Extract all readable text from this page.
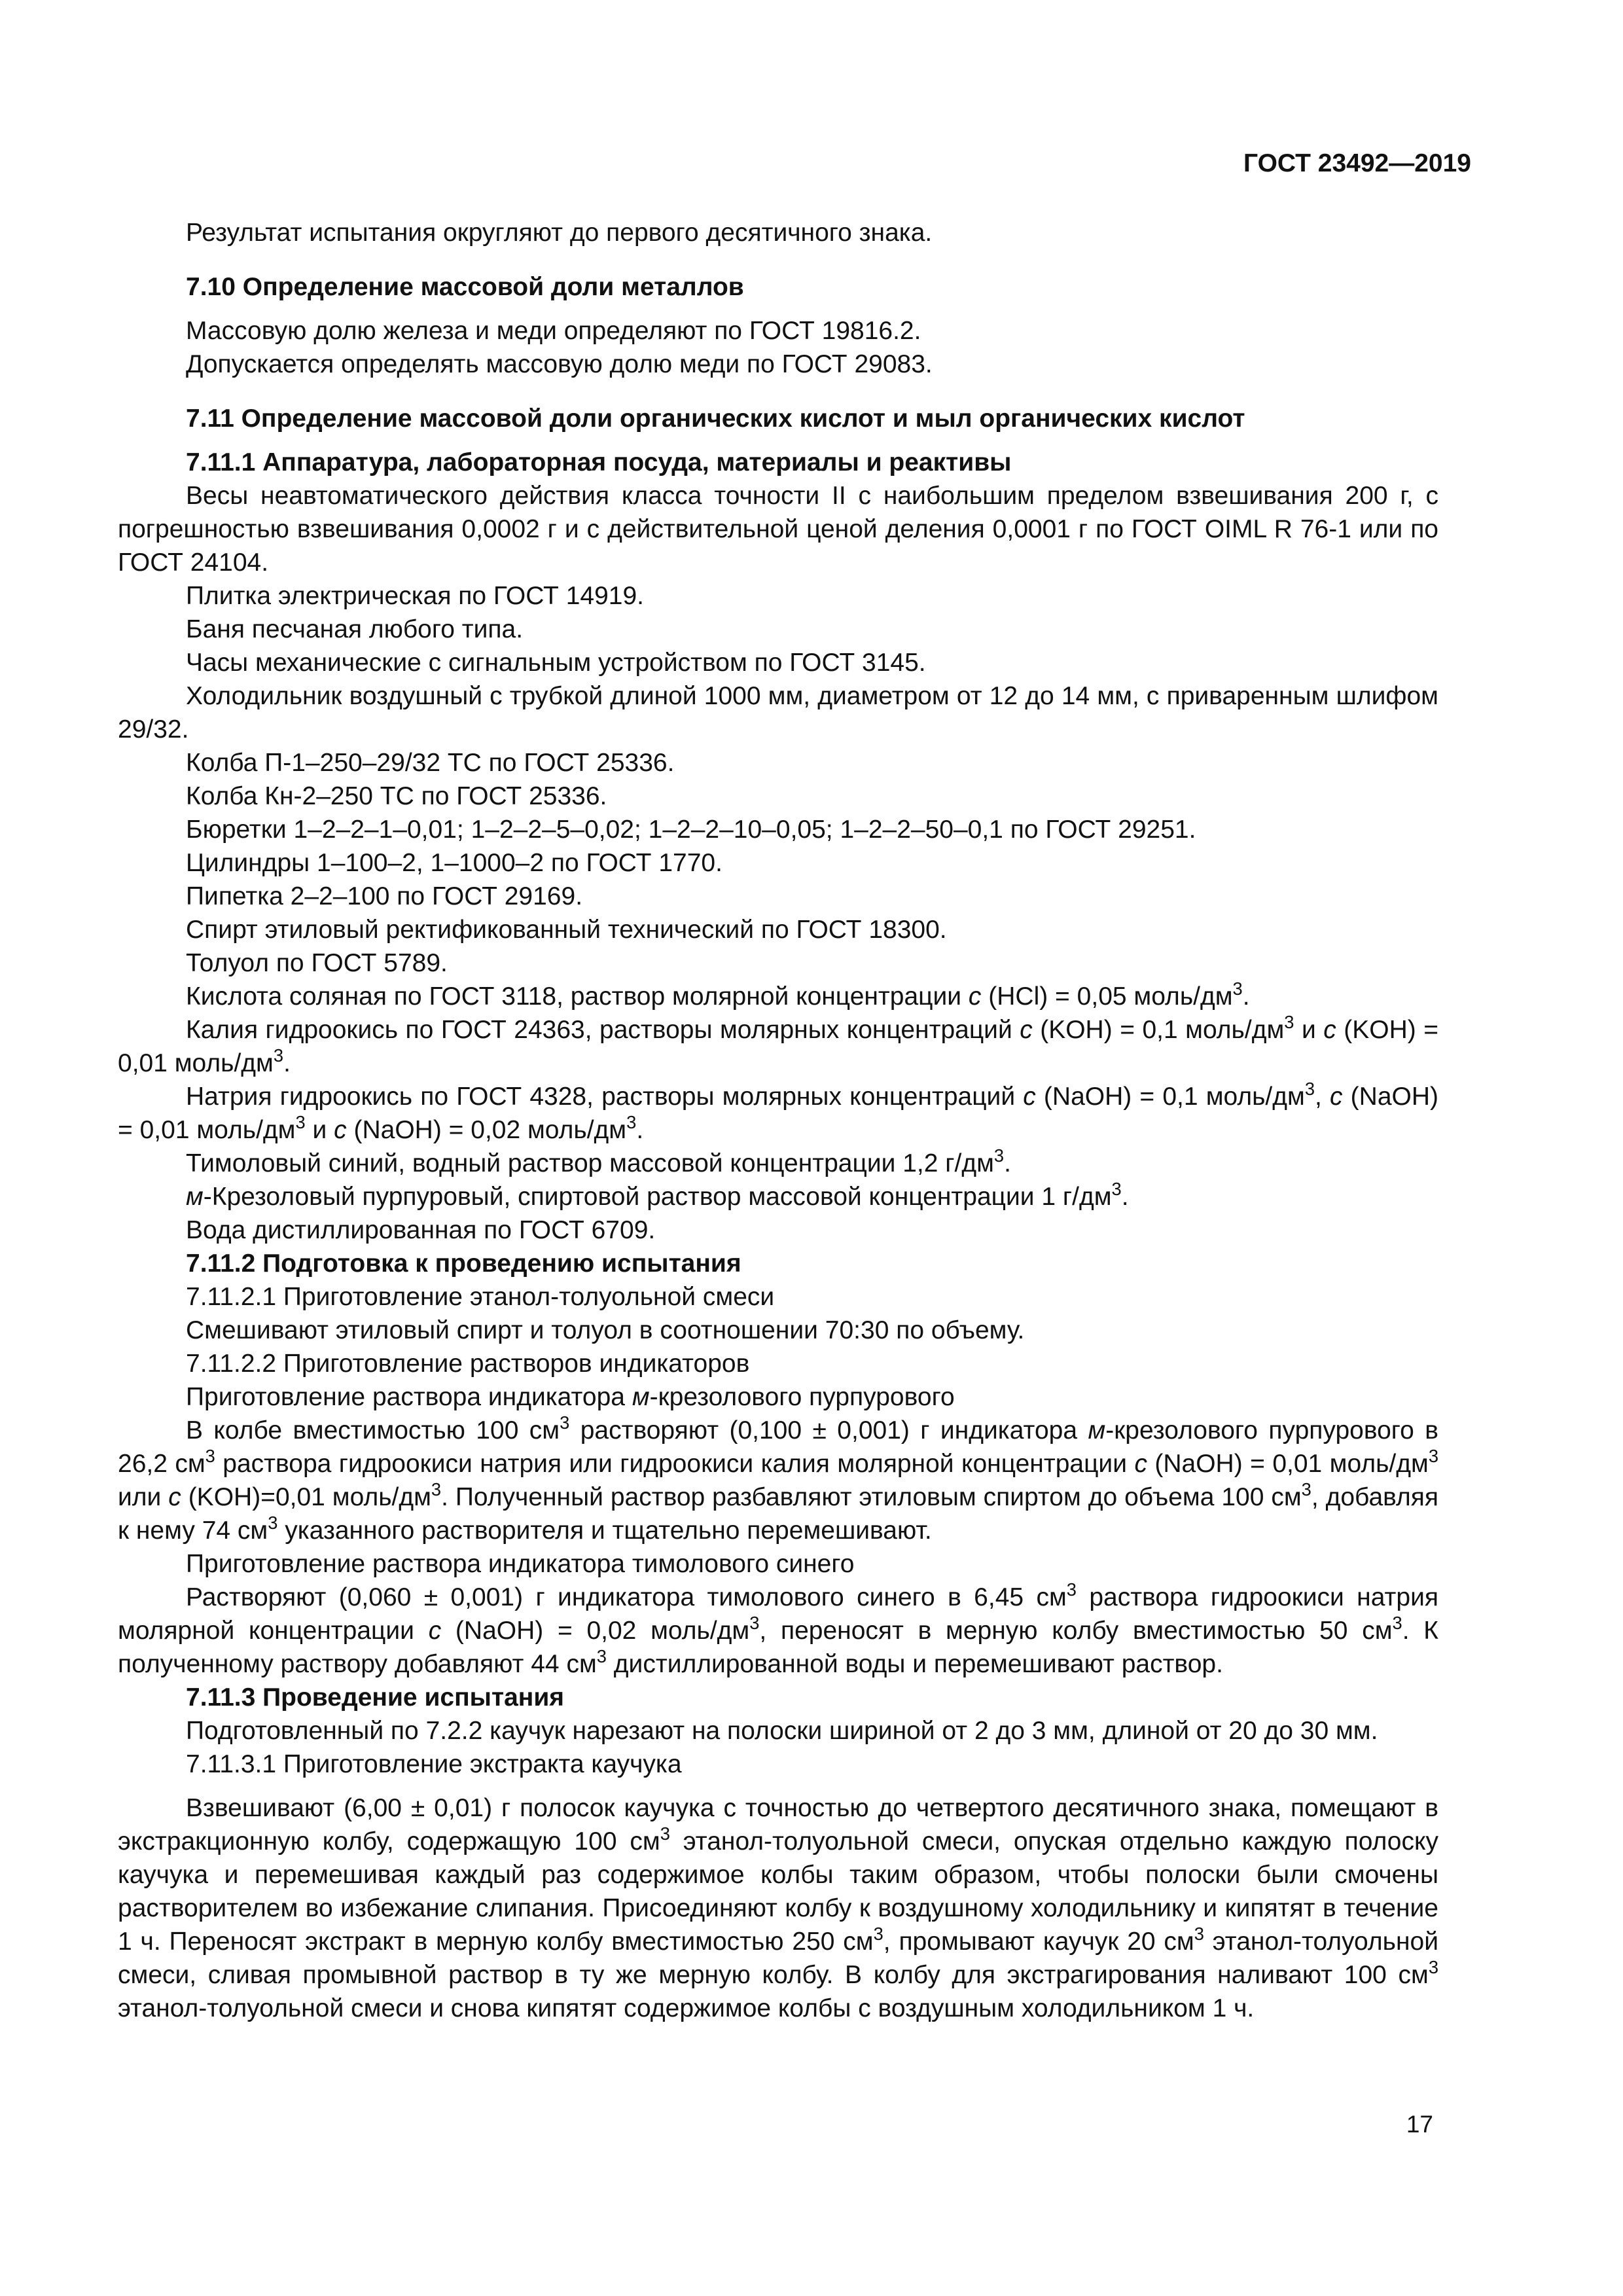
ГОСТ 23492—2019

Результат испытания округляют до первого десятичного знака.

7.10 Определение массовой доли металлов

Массовую долю железа и меди определяют по ГОСТ 19816.2.

Допускается определять массовую долю меди по ГОСТ 29083.

7.11 Определение массовой доли органических кислот и мыл органических кислот

7.11.1 Аппаратура, лабораторная посуда, материалы и реактивы

Весы неавтоматического действия класса точности II с наибольшим пределом взвешивания 200 г, с погрешностью взвешивания 0,0002 г и с действительной ценой деления 0,0001 г по ГОСТ OIML R 76-1 или по ГОСТ 24104.

Плитка электрическая по ГОСТ 14919.

Баня песчаная любого типа.

Часы механические с сигнальным устройством по ГОСТ 3145.

Холодильник воздушный с трубкой длиной 1000 мм, диаметром от 12 до 14 мм, с приваренным шлифом 29/32.

Колба П-1–250–29/32 ТС по ГОСТ 25336.

Колба Кн-2–250 ТС по ГОСТ 25336.

Бюретки 1–2–2–1–0,01; 1–2–2–5–0,02; 1–2–2–10–0,05; 1–2–2–50–0,1 по ГОСТ 29251.

Цилиндры 1–100–2, 1–1000–2 по ГОСТ 1770.

Пипетка 2–2–100 по ГОСТ 29169.

Спирт этиловый ректификованный технический по ГОСТ 18300.

Толуол по ГОСТ 5789.

Кислота соляная по ГОСТ 3118, раствор молярной концентрации с (HCl) = 0,05 моль/$дм^3$.

Калия гидроокись по ГОСТ 24363, растворы молярных концентраций с (KOH) = 0,1 моль/$дм^3$ и с (KOH) = 0,01 моль/$дм^3$.

Натрия гидроокись по ГОСТ 4328, растворы молярных концентраций с (NaOH) = 0,1 моль/$дм^3$, с (NaOH) = 0,01 моль/$дм^3$ и с (NaOH) = 0,02 моль/$дм^3$.

Тимоловый синий, водный раствор массовой концентрации 1,2 $г/дм^3$.

м-Крезоловый пурпуровый, спиртовой раствор массовой концентрации 1 $г/дм^3$.

Вода дистиллированная по ГОСТ 6709.

7.11.2 Подготовка к проведению испытания

7.11.2.1 Приготовление этанол-толуольной смеси

Смешивают этиловый спирт и толуол в соотношении 70:30 по объему.

7.11.2.2 Приготовление растворов индикаторов

Приготовление раствора индикатора м-крезолового пурпурового

В колбе вместимостью 100 $см^3$ растворяют (0,100 ± 0,001) г индикатора м-крезолового пурпурового в 26,2 $см^3$ раствора гидроокиси натрия или гидроокиси калия молярной концентрации с (NaOH) = 0,01 моль/$дм^3$ или с (KOH)=0,01 моль/$дм^3$. Полученный раствор разбавляют этиловым спиртом до объема 100 $см^3$, добавляя к нему 74 $см^3$ указанного растворителя и тщательно перемешивают.

Приготовление раствора индикатора тимолового синего

Растворяют (0,060 ± 0,001) г индикатора тимолового синего в 6,45 $см^3$ раствора гидроокиси натрия молярной концентрации с (NaOH) = 0,02 моль/$дм^3$, переносят в мерную колбу вместимостью 50 $см^3$. К полученному раствору добавляют 44 $см^3$ дистиллированной воды и перемешивают раствор.

7.11.3 Проведение испытания

Подготовленный по 7.2.2 каучук нарезают на полоски шириной от 2 до 3 мм, длиной от 20 до 30 мм.

7.11.3.1 Приготовление экстракта каучука

Взвешивают (6,00 ± 0,01) г полосок каучука с точностью до четвертого десятичного знака, помещают в экстракционную колбу, содержащую 100 $см^3$ этанол-толуольной смеси, опуская отдельно каждую полоску каучука и перемешивая каждый раз содержимое колбы таким образом, чтобы полоски были смочены растворителем во избежание слипания. Присоединяют колбу к воздушному холодильнику и кипятят в течение 1 ч. Переносят экстракт в мерную колбу вместимостью 250 $см^3$, промывают каучук 20 $см^3$ этанол-толуольной смеси, сливая промывной раствор в ту же мерную колбу. В колбу для экстрагирования наливают 100 $см^3$ этанол-толуольной смеси и снова кипятят содержимое колбы с воздушным холодильником 1 ч.

17
